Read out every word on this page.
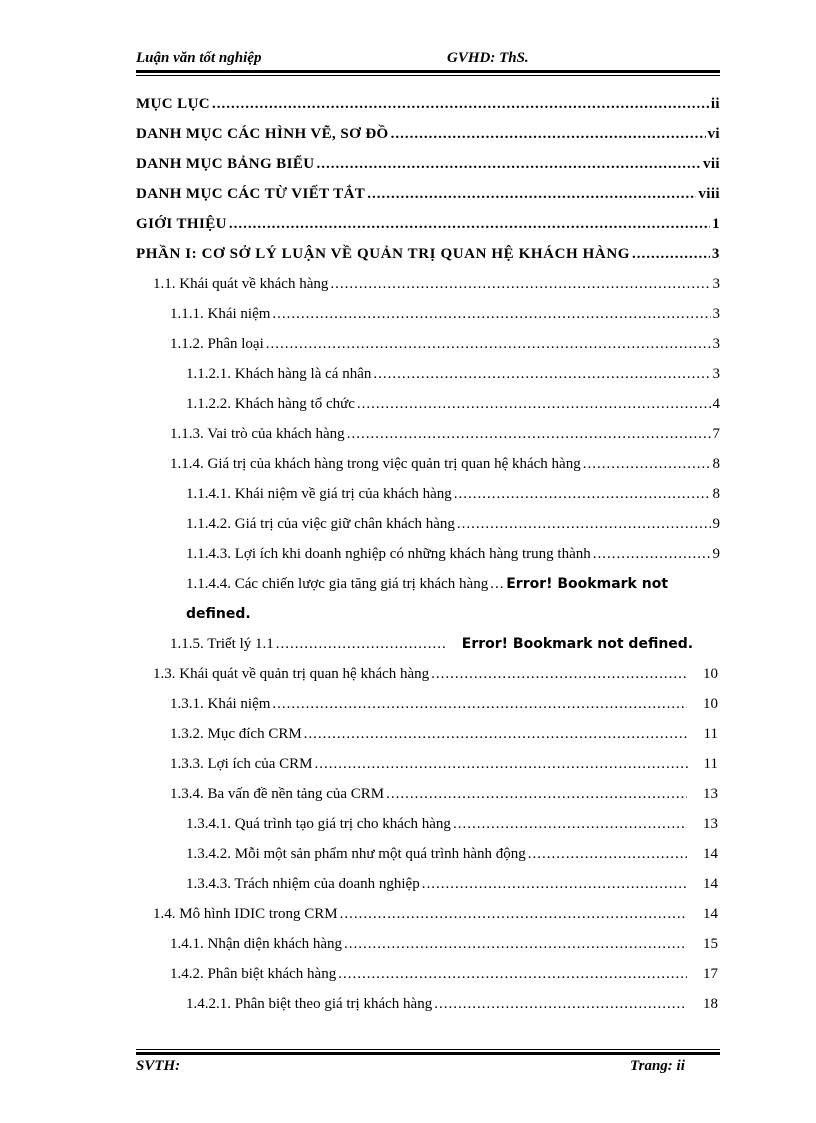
Luận văn tốt nghiệp	GVHD: ThS.
MỤC LỤC .....	ii
DANH MỤC CÁC HÌNH VẼ, SƠ ĐỒ .....	vi
DANH MỤC BẢNG BIỂU .....	vii
DANH MỤC CÁC TỪ VIẾT TẮT .....	viii
GIỚI THIỆU .....	1
PHẦN I: CƠ SỞ LÝ LUẬN VỀ QUẢN TRỊ QUAN HỆ KHÁCH HÀNG .....	3
1.1. Khái quát về khách hàng .....	3
1.1.1. Khái niệm .....	3
1.1.2. Phân loại .....	3
1.1.2.1. Khách hàng là cá nhân .....	3
1.1.2.2. Khách hàng tổ chức .....	4
1.1.3. Vai trò của khách hàng .....	7
1.1.4. Giá trị của khách hàng trong việc quản trị quan hệ khách hàng .....	8
1.1.4.1. Khái niệm về giá trị của khách hàng .....	8
1.1.4.2. Giá trị của việc giữ chân khách hàng .....	9
1.1.4.3. Lợi ích khi doanh nghiệp có những khách hàng trung thành .....	9
1.1.4.4. Các chiến lược gia tăng giá trị khách hàng ..... Error! Bookmark not
defined.
1.1.5. Triết lý 1.1 .....	Error! Bookmark not defined.
1.3. Khái quát về quản trị quan hệ khách hàng .....	10
1.3.1. Khái niệm .....	10
1.3.2. Mục đích CRM .....	11
1.3.3. Lợi ích của CRM .....	11
1.3.4. Ba vấn đề nền tảng của CRM .....	13
1.3.4.1. Quá trình tạo giá trị cho khách hàng .....	13
1.3.4.2. Mỗi một sản phẩm như một quá trình hành động .....	14
1.3.4.3. Trách nhiệm của doanh nghiệp .....	14
1.4. Mô hình IDIC trong CRM .....	14
1.4.1. Nhận diện khách hàng .....	15
1.4.2. Phân biệt khách hàng .....	17
1.4.2.1. Phân biệt theo giá trị khách hàng .....	18
SVTH:	Trang: ii
